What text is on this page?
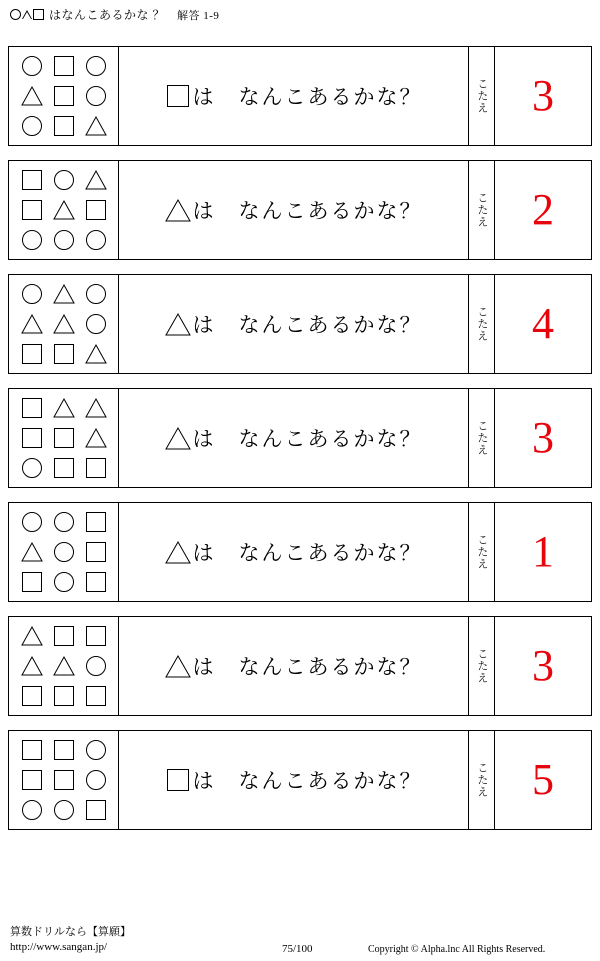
はなんこあるかな ？ 解答 1-9
は　なんこあるかな？	こたえ 3
は　なんこあるかな？	こたえ 2
は　なんこあるかな？	こたえ 4
は　なんこあるかな？	こたえ 3
は　なんこあるかな？	こたえ 1
は　なんこあるかな？	こたえ 3
は　なんこあるかな？	こたえ 5
算数ドリルなら【算願】
http://www.sangan.jp/	75/100	Copyright © Alpha.lnc All Rights Reserved.
